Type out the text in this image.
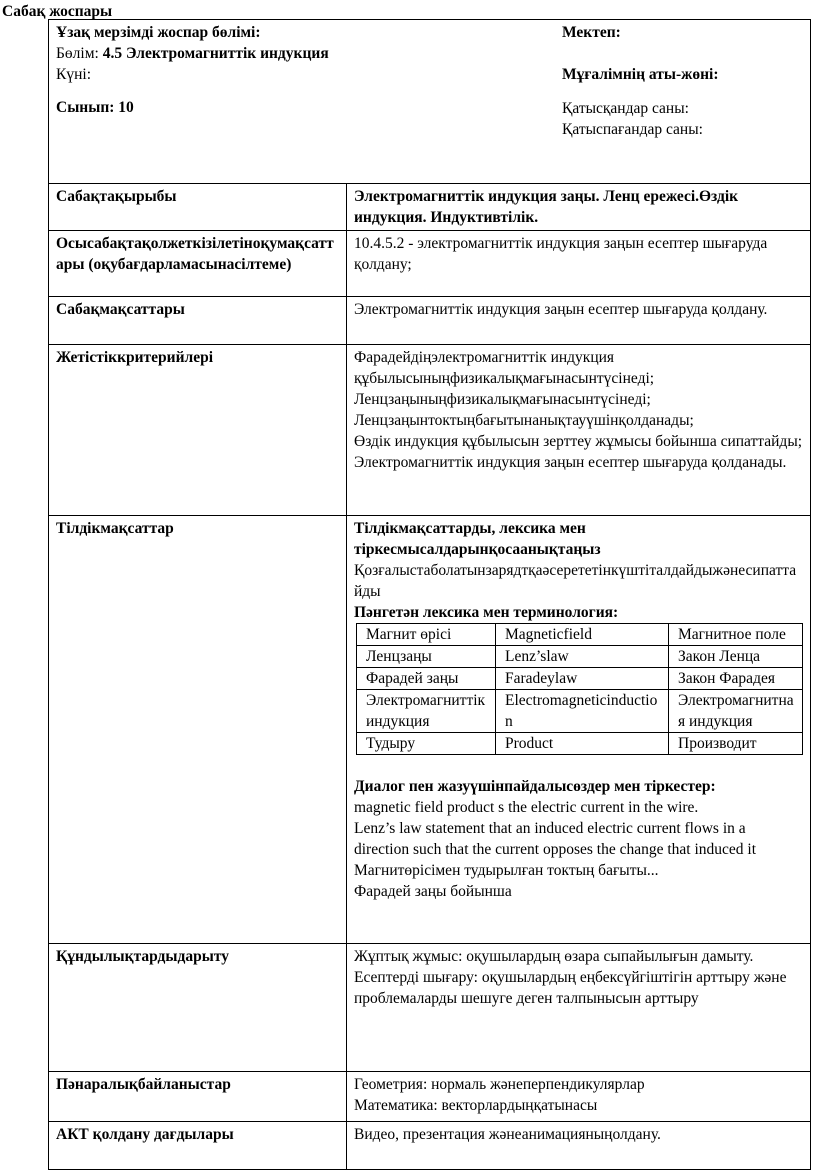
Сабақ жоспары
Ұзақ мерзімді жоспар бөлімі:
Бөлім: 4.5 Электромагниттік индукция
Күні:
Сынып: 10
Мектеп:
Мұғалімнің аты-жөні:
Қатысқандар саны:
Қатыспағандар саны:

Сабақтақырыбы	Электромагниттік индукция заңы. Ленц ережесі.Өздік индукция. Индуктивтілік.
Осысабақтақолжеткізілетіноқумақсаттары (оқубағдарламасынасілтеме)	10.4.5.2 - электромагниттік индукция заңын есептер шығаруда қолдану;
Сабақмақсаттары	Электромагниттік индукция заңын есептер шығаруда қолдану.
Жетістіккритерийлері	Фарадейдіңэлектромагниттік индукция құбылысыныңфизикалықмағынасынтүсінеді;
Ленцзаңыныңфизикалықмағынасынтүсінеді;
Ленцзаңынтоктыңбағытынанықтауүшінқолданады;
Өздік индукция құбылысын зерттеу жұмысы бойынша сипаттайды;
Электромагниттік индукция заңын есептер шығаруда қолданады.

Тілдікмақсаттар	Тілдікмақсаттарды, лексика мен тіркесмысалдарынқосаанықтаңыз
Қозғалыстаболатынзарядтқаәсерететінкүштіталдайдыжәнесипаттайды
Пәнгетән лексика мен терминология:
Магнит өрісі	Magneticfield	Магнитное поле
Ленцзаңы	Lenz’slaw	Закон Ленца
Фарадей заңы	Faradeylaw	Закон Фарадея
Электромагниттік индукция	Electromagneticinduction	Электромагнитная индукция
Тудыру	Product	Производит
Диалог пен жазуүшінпайдалысөздер мен тіркестер:
magnetic field product s the electric current in the wire.
Lenz’s law statement that an induced electric current flows in a direction such that the current opposes the change that induced it
Магнитөрісімен тудырылған токтың бағыты...
Фарадей заңы бойынша

Құндылықтардыдарыту	Жұптық жұмыс: оқушылардың өзара сыпайылығын дамыту.
Есептерді шығару: оқушылардың еңбексүйгіштігін арттыру және проблемаларды шешуге деген талпынысын арттыру

Пәнаралықбайланыстар	Геометрия: нормаль жәнеперпендикулярлар
Математика: векторлардыңқатынасы

АКТ қолдану дағдылары	Видео, презентация жәнеанимацияныңолдану.
